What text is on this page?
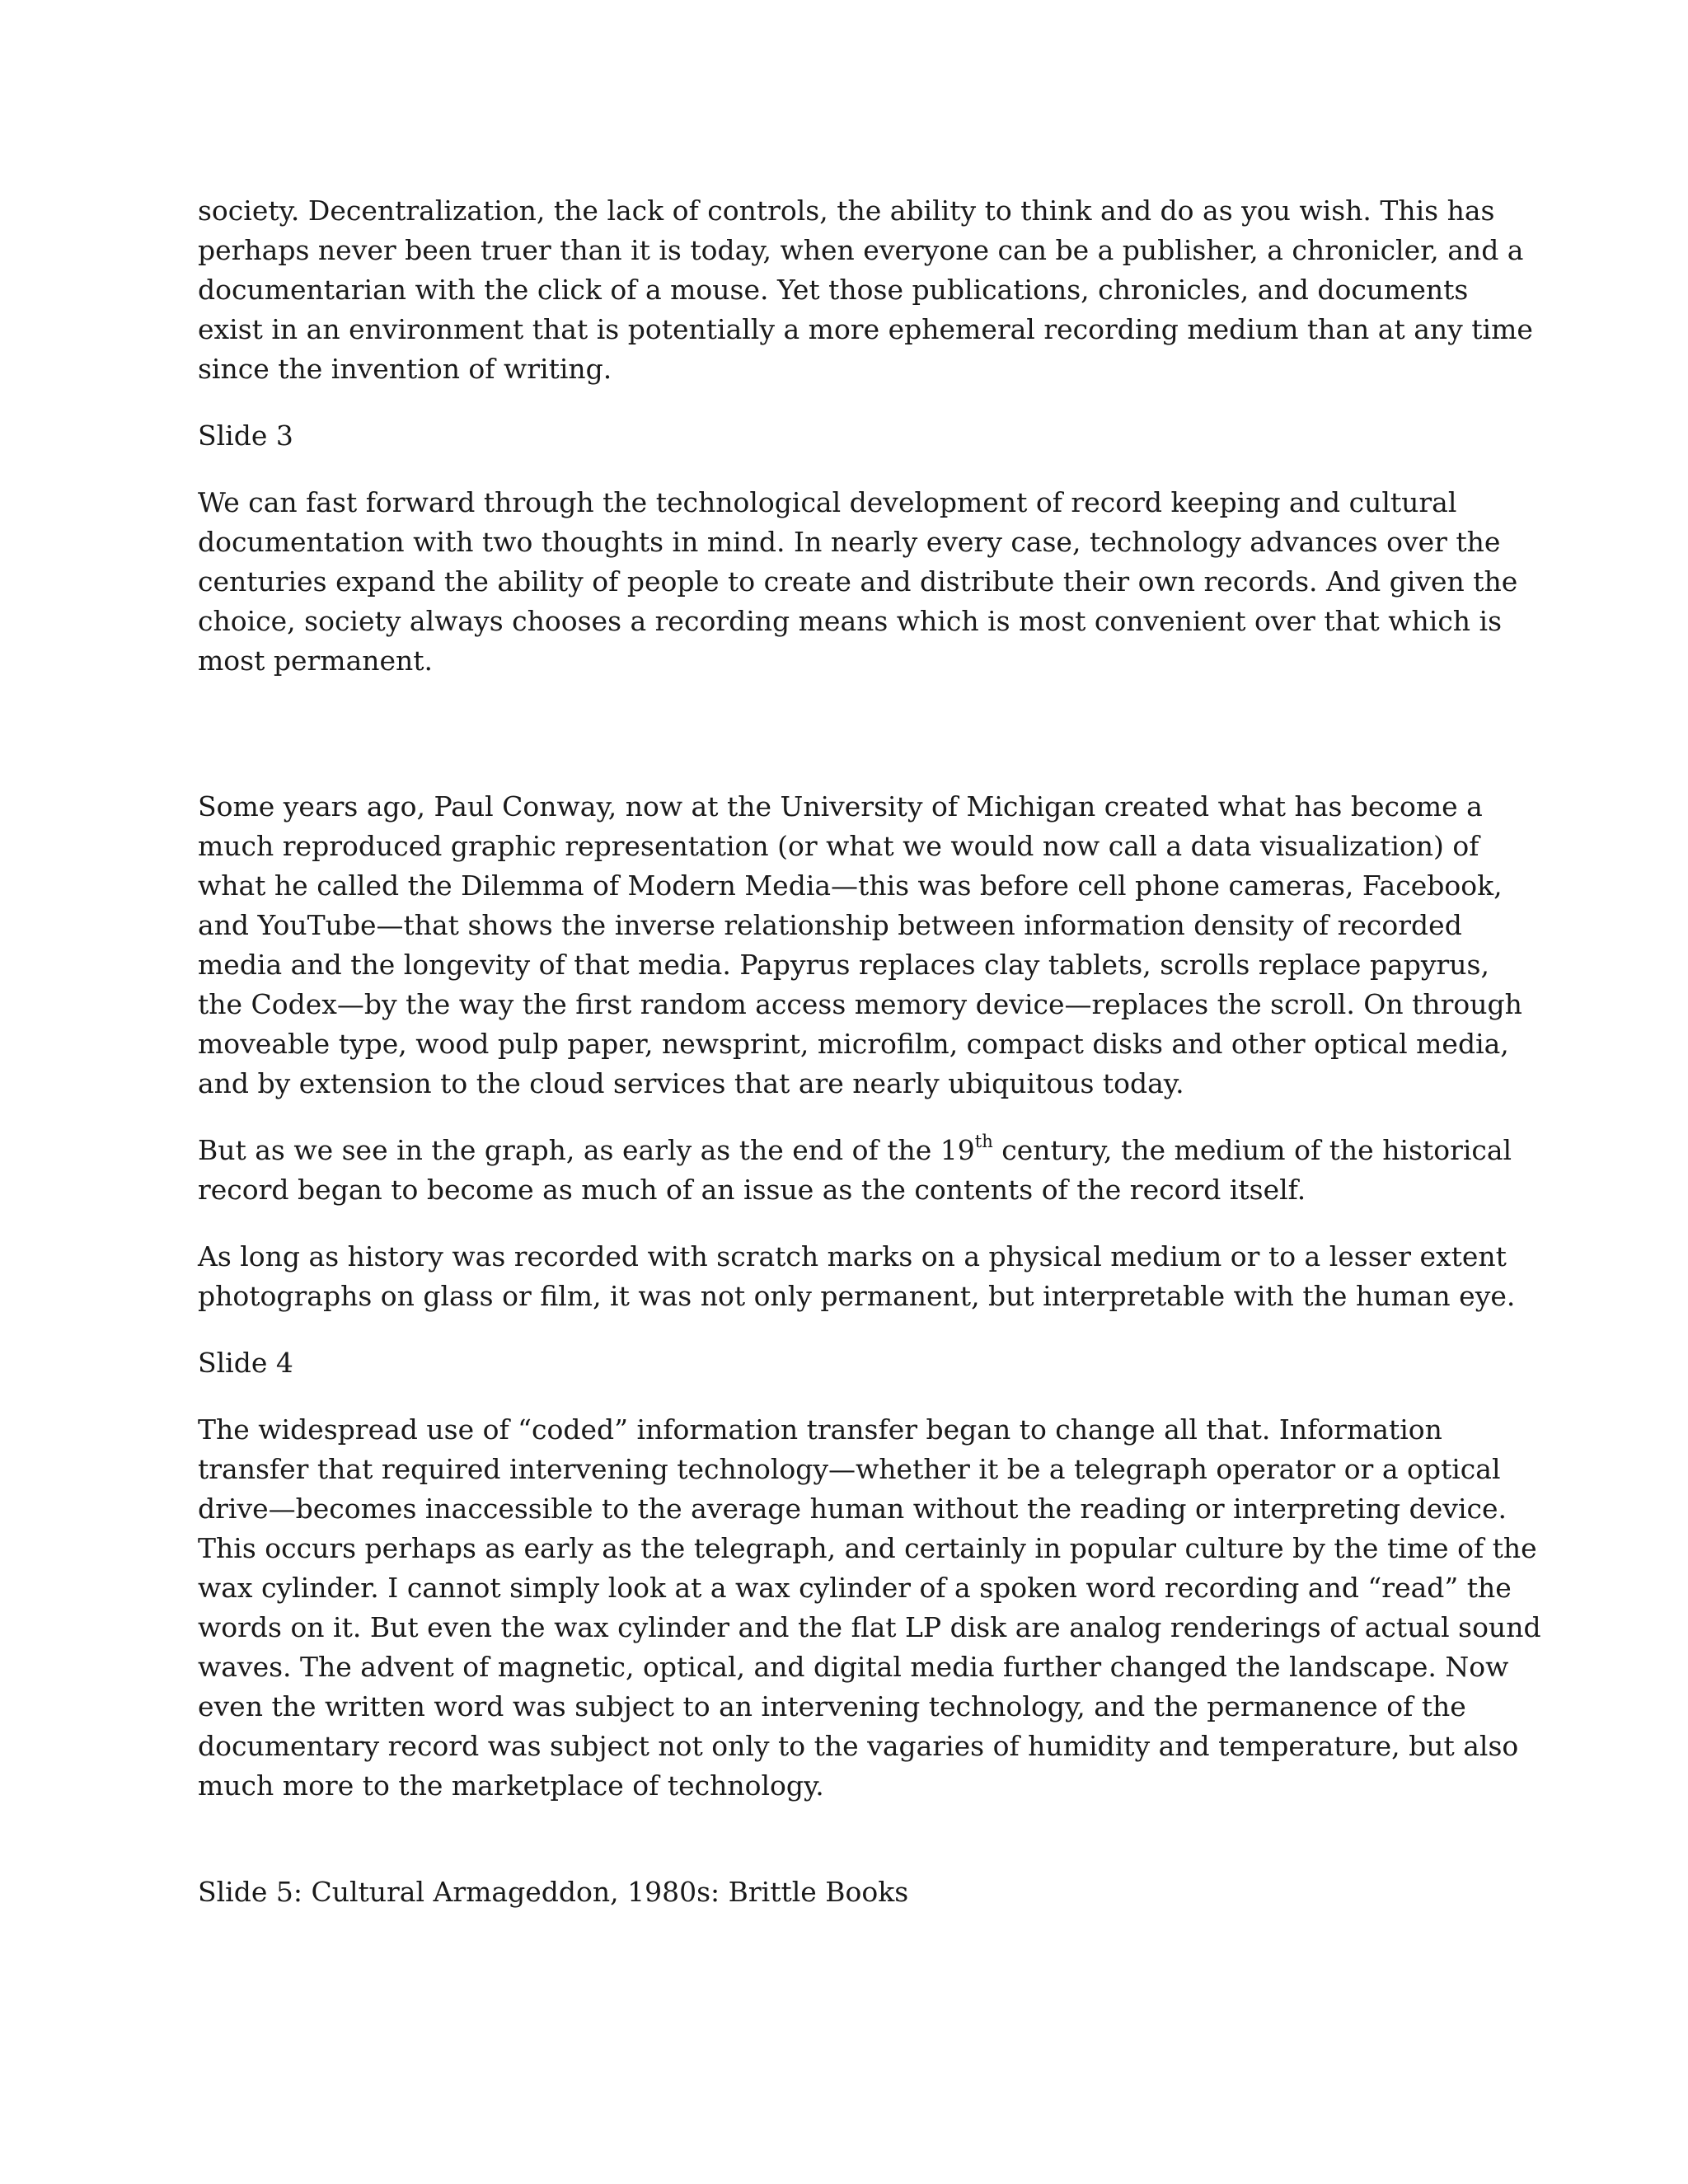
society. Decentralization, the lack of controls, the ability to think and do as you wish. This has
perhaps never been truer than it is today, when everyone can be a publisher, a chronicler, and a
documentarian with the click of a mouse. Yet those publications, chronicles, and documents
exist in an environment that is potentially a more ephemeral recording medium than at any time
since the invention of writing.
Slide 3
We can fast forward through the technological development of record keeping and cultural
documentation with two thoughts in mind. In nearly every case, technology advances over the
centuries expand the ability of people to create and distribute their own records. And given the
choice, society always chooses a recording means which is most convenient over that which is
most permanent.
Some years ago, Paul Conway, now at the University of Michigan created what has become a
much reproduced graphic representation (or what we would now call a data visualization) of
what he called the Dilemma of Modern Media—this was before cell phone cameras, Facebook,
and YouTube—that shows the inverse relationship between information density of recorded
media and the longevity of that media. Papyrus replaces clay tablets, scrolls replace papyrus,
the Codex—by the way the first random access memory device—replaces the scroll. On through
moveable type, wood pulp paper, newsprint, microfilm, compact disks and other optical media,
and by extension to the cloud services that are nearly ubiquitous today.
But as we see in the graph, as early as the end of the 19th century, the medium of the historical
record began to become as much of an issue as the contents of the record itself.
As long as history was recorded with scratch marks on a physical medium or to a lesser extent
photographs on glass or film, it was not only permanent, but interpretable with the human eye.
Slide 4
The widespread use of “coded” information transfer began to change all that. Information
transfer that required intervening technology—whether it be a telegraph operator or a optical
drive—becomes inaccessible to the average human without the reading or interpreting device.
This occurs perhaps as early as the telegraph, and certainly in popular culture by the time of the
wax cylinder. I cannot simply look at a wax cylinder of a spoken word recording and “read” the
words on it. But even the wax cylinder and the flat LP disk are analog renderings of actual sound
waves. The advent of magnetic, optical, and digital media further changed the landscape. Now
even the written word was subject to an intervening technology, and the permanence of the
documentary record was subject not only to the vagaries of humidity and temperature, but also
much more to the marketplace of technology.
Slide 5: Cultural Armageddon, 1980s: Brittle Books
